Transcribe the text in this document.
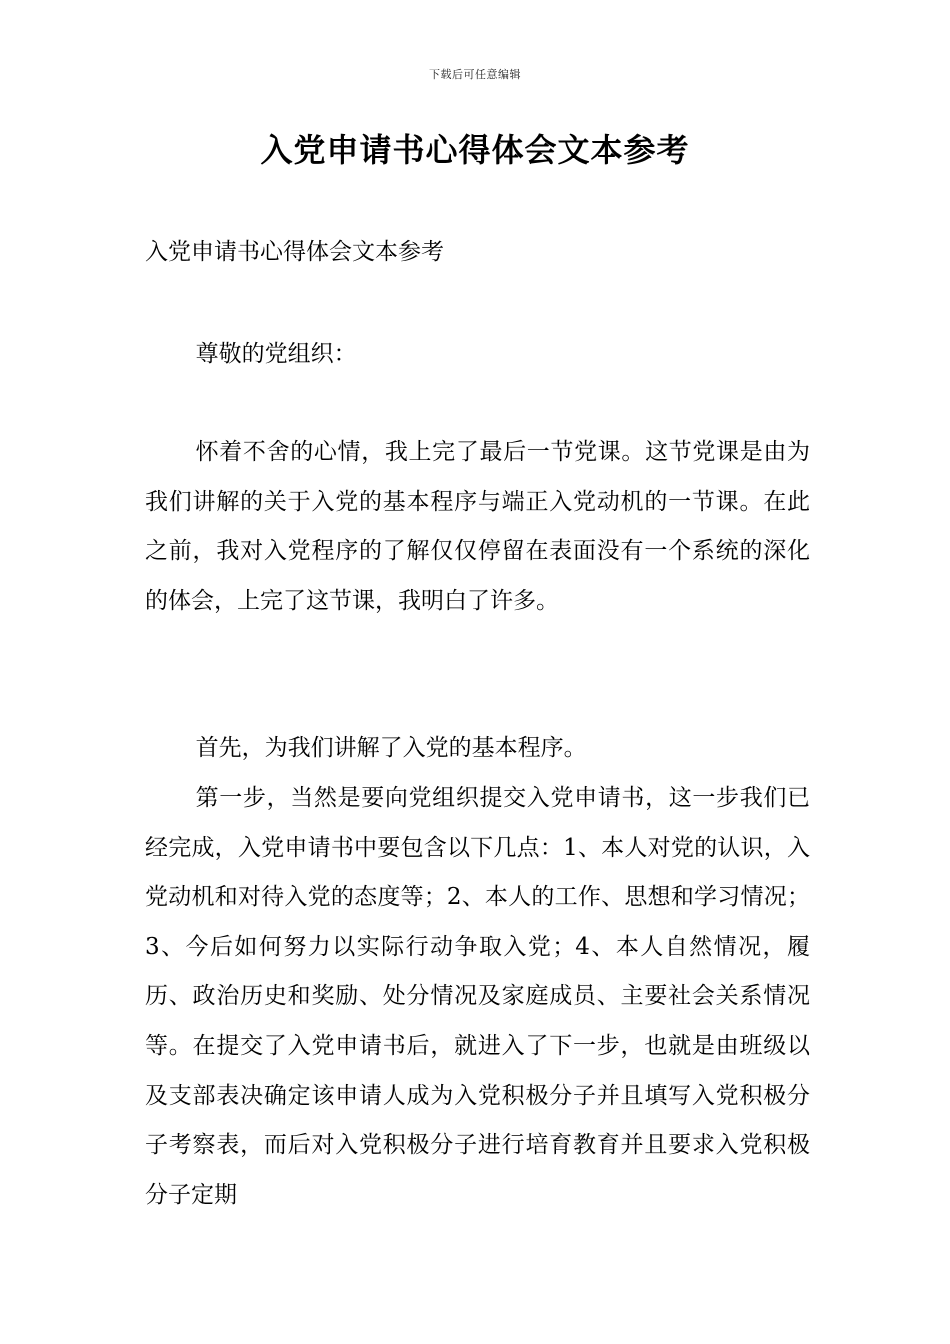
下载后可任意编辑
入党申请书心得体会文本参考

入党申请书心得体会文本参考

尊敬的党组织：

怀着不舍的心情，我上完了最后一节党课。这节党课是由为我们讲解的关于入党的基本程序与端正入党动机的一节课。在此之前，我对入党程序的了解仅仅停留在表面没有一个系统的深化的体会，上完了这节课，我明白了许多。

首先，为我们讲解了入党的基本程序。

第一步，当然是要向党组织提交入党申请书，这一步我们已经完成，入党申请书中要包含以下几点：1、本人对党的认识，入党动机和对待入党的态度等；2、本人的工作、思想和学习情况；3、今后如何努力以实际行动争取入党；4、本人自然情况，履历、政治历史和奖励、处分情况及家庭成员、主要社会关系情况等。在提交了入党申请书后，就进入了下一步，也就是由班级以及支部表决确定该申请人成为入党积极分子并且填写入党积极分子考察表，而后对入党积极分子进行培育教育并且要求入党积极分子定期
